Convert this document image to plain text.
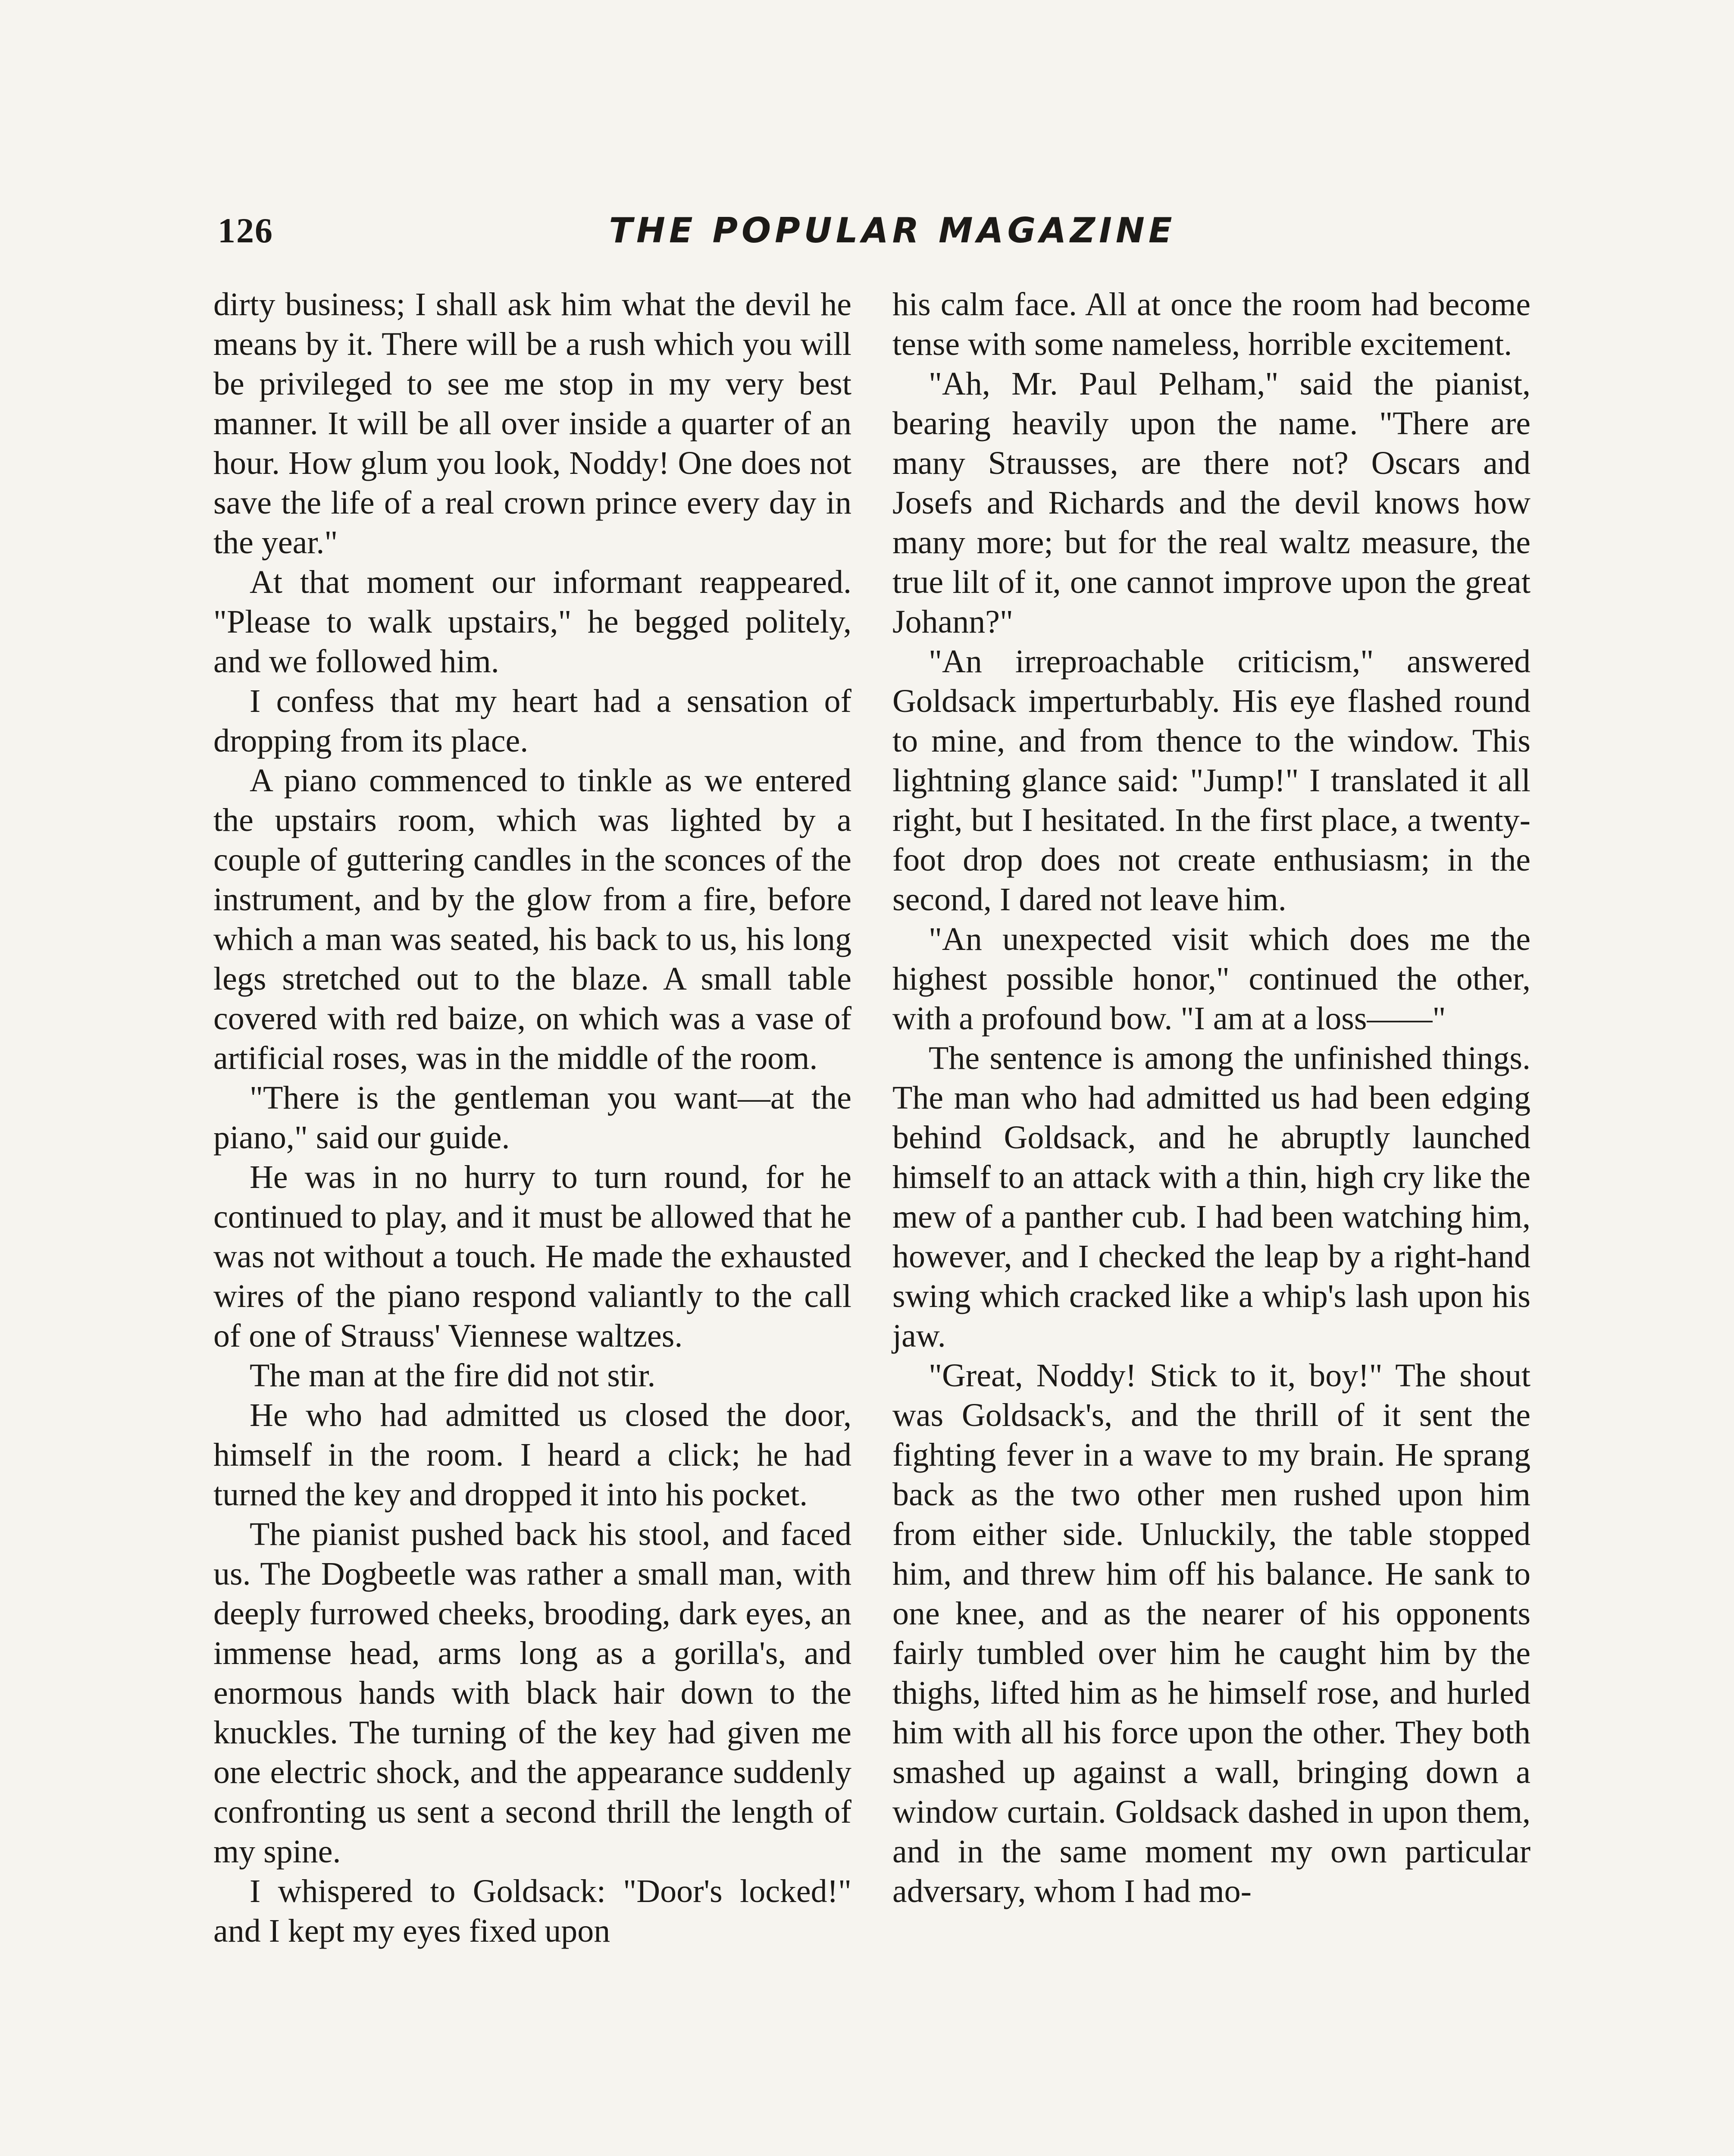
126	THE POPULAR MAGAZINE

dirty business; I shall ask him what the devil he means by it. There will be a rush which you will be privileged to see me stop in my very best manner. It will be all over inside a quarter of an hour. How glum you look, Noddy! One does not save the life of a real crown prince every day in the year."

At that moment our informant reappeared. "Please to walk upstairs," he begged politely, and we followed him.

I confess that my heart had a sensation of dropping from its place.

A piano commenced to tinkle as we entered the upstairs room, which was lighted by a couple of guttering candles in the sconces of the instrument, and by the glow from a fire, before which a man was seated, his back to us, his long legs stretched out to the blaze. A small table covered with red baize, on which was a vase of artificial roses, was in the middle of the room.

"There is the gentleman you want—at the piano," said our guide.

He was in no hurry to turn round, for he continued to play, and it must be allowed that he was not without a touch. He made the exhausted wires of the piano respond valiantly to the call of one of Strauss' Viennese waltzes.

The man at the fire did not stir.

He who had admitted us closed the door, himself in the room. I heard a click; he had turned the key and dropped it into his pocket.

The pianist pushed back his stool, and faced us. The Dogbeetle was rather a small man, with deeply furrowed cheeks, brooding, dark eyes, an immense head, arms long as a gorilla's, and enormous hands with black hair down to the knuckles. The turning of the key had given me one electric shock, and the appearance suddenly confronting us sent a second thrill the length of my spine.

I whispered to Goldsack: "Door's locked!" and I kept my eyes fixed upon

his calm face. All at once the room had become tense with some nameless, horrible excitement.

"Ah, Mr. Paul Pelham," said the pianist, bearing heavily upon the name. "There are many Strausses, are there not? Oscars and Josefs and Richards and the devil knows how many more; but for the real waltz measure, the true lilt of it, one cannot improve upon the great Johann?"

"An irreproachable criticism," answered Goldsack imperturbably. His eye flashed round to mine, and from thence to the window. This lightning glance said: "Jump!" I translated it all right, but I hesitated. In the first place, a twenty-foot drop does not create enthusiasm; in the second, I dared not leave him.

"An unexpected visit which does me the highest possible honor," continued the other, with a profound bow. "I am at a loss——"

The sentence is among the unfinished things. The man who had admitted us had been edging behind Goldsack, and he abruptly launched himself to an attack with a thin, high cry like the mew of a panther cub. I had been watching him, however, and I checked the leap by a right-hand swing which cracked like a whip's lash upon his jaw.

"Great, Noddy! Stick to it, boy!" The shout was Goldsack's, and the thrill of it sent the fighting fever in a wave to my brain. He sprang back as the two other men rushed upon him from either side. Unluckily, the table stopped him, and threw him off his balance. He sank to one knee, and as the nearer of his opponents fairly tumbled over him he caught him by the thighs, lifted him as he himself rose, and hurled him with all his force upon the other. They both smashed up against a wall, bringing down a window curtain. Goldsack dashed in upon them, and in the same moment my own particular adversary, whom I had mo-
